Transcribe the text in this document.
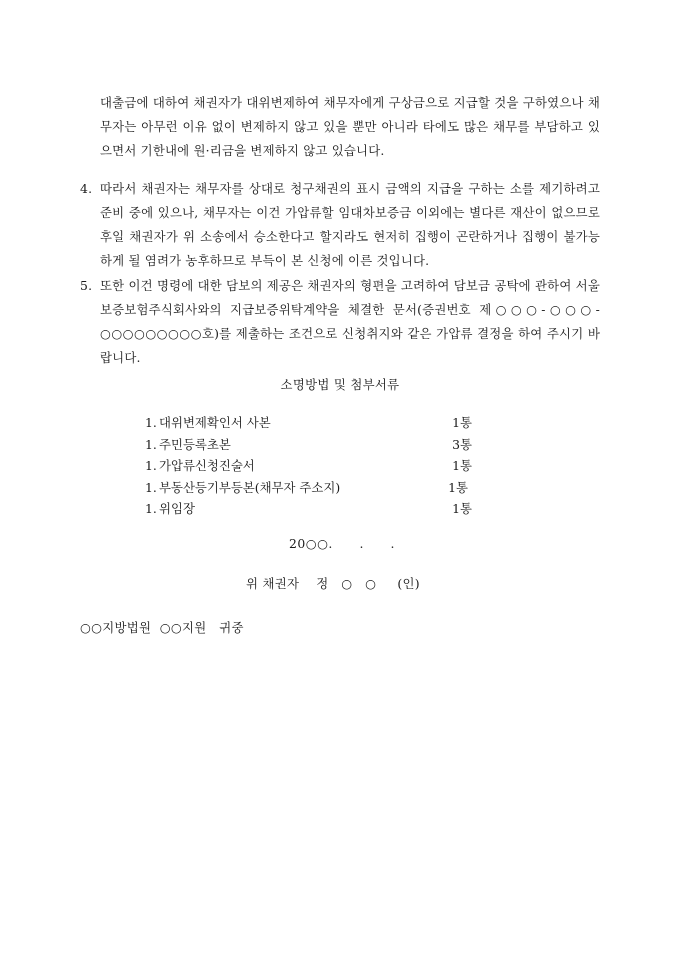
대출금에 대하여 채권자가 대위변제하여 채무자에게 구상금으로 지급할 것을 구하였으나 채무자는 아무런 이유 없이 변제하지 않고 있을 뿐만 아니라 타에도 많은 채무를 부담하고 있으면서 기한내에 원·리금을 변제하지 않고 있습니다.

4. 따라서 채권자는 채무자를 상대로 청구채권의 표시 금액의 지급을 구하는 소를 제기하려고 준비 중에 있으나, 채무자는 이건 가압류할 임대차보증금 이외에는 별다른 재산이 없으므로 후일 채권자가 위 소송에서 승소한다고 할지라도 현저히 집행이 곤란하거나 집행이 불가능하게 될 염려가 농후하므로 부득이 본 신청에 이른 것입니다.

5. 또한 이건 명령에 대한 담보의 제공은 채권자의 형편을 고려하여 담보금 공탁에 관하여 서울보증보험주식회사와의 지급보증위탁계약을 체결한 문서(증권번호 제○○○-○○○-○○○○○○○○○호)를 제출하는 조건으로 신청취지와 같은 가압류 결정을 하여 주시기 바랍니다.

소명방법 및 첨부서류
1. 대위변제확인서 사본	1통
1. 주민등록초본	3통
1. 가압류신청진술서	1통
1. 부동산등기부등본(채무자 주소지)	1통
1. 위임장	1통
20○○.      .      .
위 채권자    정   ○   ○     (인)
○○지방법원  ○○지원   귀중
